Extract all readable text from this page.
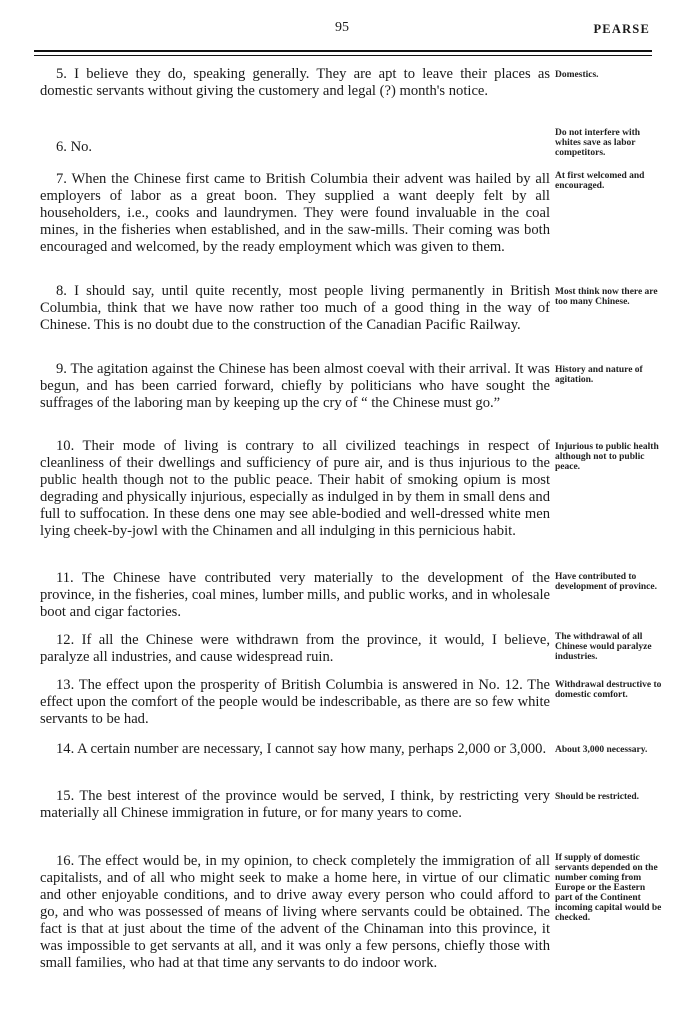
95	PEARSE

5. I believe they do, speaking generally. They are apt to leave their places as domestic servants without giving the customery and legal (?) month's notice.

6. No.

7. When the Chinese first came to British Columbia their advent was hailed by all employers of labor as a great boon. They supplied a want deeply felt by all householders, i.e., cooks and laundrymen. They were found invaluable in the coal mines, in the fisheries when established, and in the saw-mills. Their coming was both encouraged and welcomed, by the ready employment which was given to them.

8. I should say, until quite recently, most people living permanently in British Columbia, think that we have now rather too much of a good thing in the way of Chinese. This is no doubt due to the construction of the Canadian Pacific Railway.

9. The agitation against the Chinese has been almost coeval with their arrival. It was begun, and has been carried forward, chiefly by politicians who have sought the suffrages of the laboring man by keeping up the cry of “ the Chinese must go.”

10. Their mode of living is contrary to all civilized teachings in respect of cleanliness of their dwellings and sufficiency of pure air, and is thus injurious to the public health though not to the public peace. Their habit of smoking opium is most degrading and physically injurious, especially as indulged in by them in small dens and full to suffocation. In these dens one may see able-bodied and well-dressed white men lying cheek-by-jowl with the Chinamen and all indulging in this pernicious habit.

11. The Chinese have contributed very materially to the development of the province, in the fisheries, coal mines, lumber mills, and public works, and in wholesale boot and cigar factories.

12. If all the Chinese were withdrawn from the province, it would, I believe, paralyze all industries, and cause widespread ruin.

13. The effect upon the prosperity of British Columbia is answered in No. 12. The effect upon the comfort of the people would be indescribable, as there are so few white servants to be had.

14. A certain number are necessary, I cannot say how many, perhaps 2,000 or 3,000.

15. The best interest of the province would be served, I think, by restricting very materially all Chinese immigration in future, or for many years to come.

16. The effect would be, in my opinion, to check completely the immigration of all capitalists, and of all who might seek to make a home here, in virtue of our climatic and other enjoyable conditions, and to drive away every person who could afford to go, and who was possessed of means of living where servants could be obtained. The fact is that at just about the time of the advent of the Chinaman into this province, it was impossible to get servants at all, and it was only a few persons, chiefly those with small families, who had at that time any servants to do indoor work.

Domestics.
Do not interfere with whites save as labor competitors.
At first welcomed and encouraged.
Most think now there are too many Chinese.
History and nature of agitation.
Injurious to public health although not to public peace.
Have contributed to development of province.
The withdrawal of all Chinese would paralyze industries.
Withdrawal destructive to domestic comfort.
About 3,000 necessary.
Should be restricted.
If supply of domestic servants depended on the number coming from Europe or the Eastern part of the Continent incoming capital would be checked.
